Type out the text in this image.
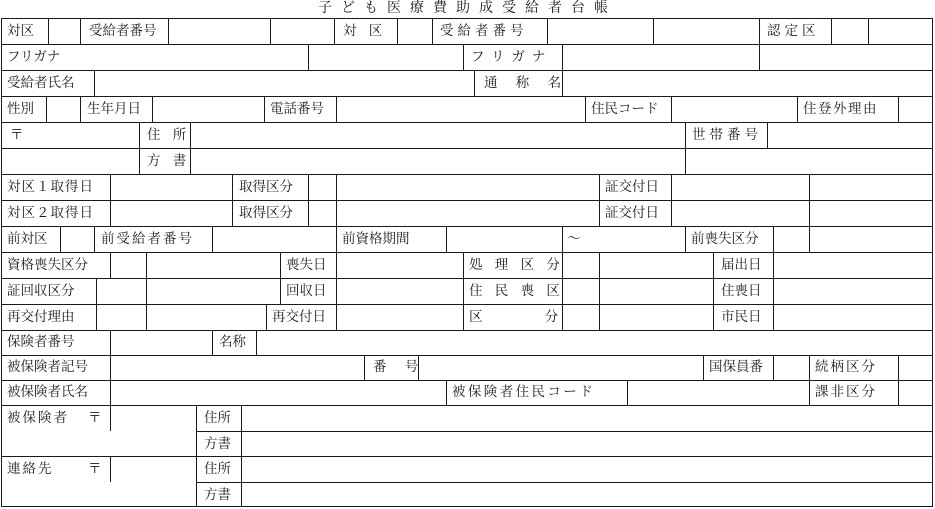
子ども医療費助成受給者台帳
対区	受給者番号	対 区	受給者番号	認定区
フリガナ	フリガナ
受給者氏名	通 称 名
性別	生年月日	電話番号	住民コード	住登外理由
〒	住 所	世帯番号
方 書
対区１取得日	取得区分	証交付日
対区２取得日	取得区分	証交付日
前対区	前受給者番号	前資格期間	～	前喪失区分
資格喪失区分	喪失日	処 理 区 分	届出日
証回収区分	回収日	住 民 喪 区	住喪日
再交付理由	再交付日	区 分	市民日
保険者番号	名称
被保険者記号	番 号	国保員番	続柄区分
被保険者氏名	被保険者住民コード	課非区分
被保険者 〒	住所
方書
連絡先	〒	住所
方書
